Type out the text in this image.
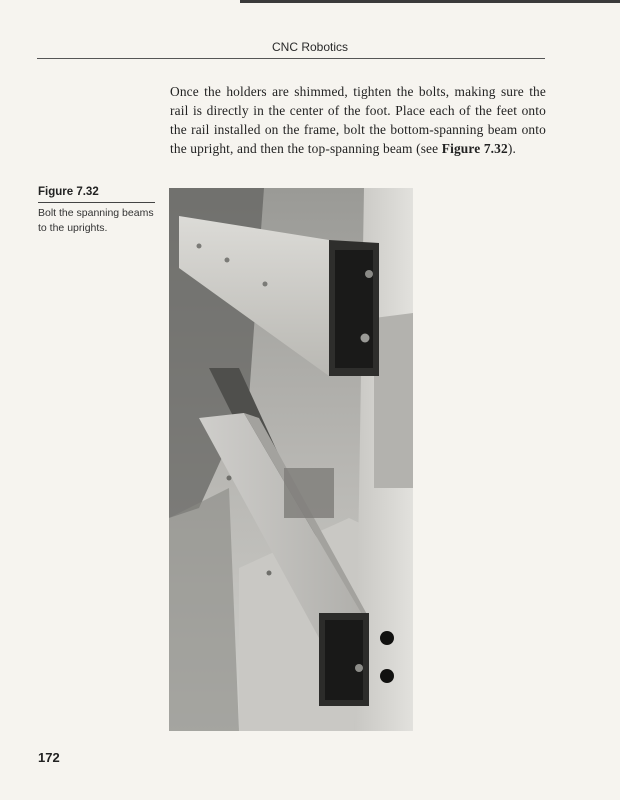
CNC Robotics

Once the holders are shimmed, tighten the bolts, making sure the rail is directly in the center of the foot. Place each of the feet onto the rail installed on the frame, bolt the bottom-spanning beam onto the upright, and then the top-spanning beam (see Figure 7.32).

Figure 7.32

Bolt the spanning beams to the uprights.

172
